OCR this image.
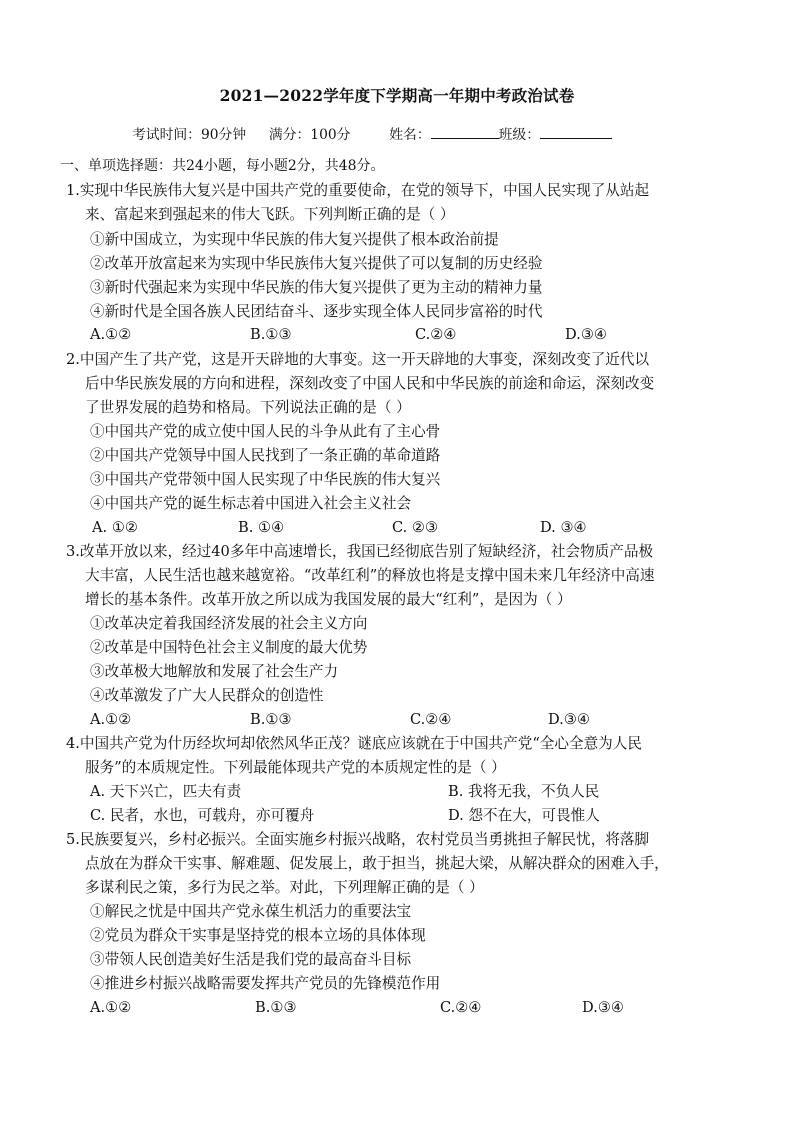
2021—2022学年度下学期高一年期中考政治试卷
考试时间：90分钟 满分：100分	姓名：	班级：
一、单项选择题：共24小题，每小题2分，共48分。
1.实现中华民族伟大复兴是中国共产党的重要使命，在党的领导下，中国人民实现了从站起
来、富起来到强起来的伟大飞跃。下列判断正确的是（ ）
①新中国成立，为实现中华民族的伟大复兴提供了根本政治前提
②改革开放富起来为实现中华民族伟大复兴提供了可以复制的历史经验
③新时代强起来为实现中华民族的伟大复兴提供了更为主动的精神力量
④新时代是全国各族人民团结奋斗、逐步实现全体人民同步富裕的时代
A.①②	B.①③	C.②④	D.③④
2.中国产生了共产党，这是开天辟地的大事变。这一开天辟地的大事变，深刻改变了近代以
后中华民族发展的方向和进程，深刻改变了中国人民和中华民族的前途和命运，深刻改变
了世界发展的趋势和格局。下列说法正确的是（ ）
①中国共产党的成立使中国人民的斗争从此有了主心骨
②中国共产党领导中国人民找到了一条正确的革命道路
③中国共产党带领中国人民实现了中华民族的伟大复兴
④中国共产党的诞生标志着中国进入社会主义社会
A. ①②	B. ①④	C. ②③	D. ③④
3.改革开放以来，经过40多年中高速增长，我国已经彻底告别了短缺经济，社会物质产品极
大丰富，人民生活也越来越宽裕。“改革红利”的释放也将是支撑中国未来几年经济中高速
增长的基本条件。改革开放之所以成为我国发展的最大“红利”，是因为（ ）
①改革决定着我国经济发展的社会主义方向
②改革是中国特色社会主义制度的最大优势
③改革极大地解放和发展了社会生产力
④改革激发了广大人民群众的创造性
A.①②	B.①③	C.②④	D.③④
4.中国共产党为什历经坎坷却依然风华正茂？谜底应该就在于中国共产党“全心全意为人民
服务”的本质规定性。下列最能体现共产党的本质规定性的是（ ）
A. 天下兴亡，匹夫有责	B. 我将无我，不负人民
C. 民者，水也，可载舟，亦可覆舟	D. 怨不在大，可畏惟人
5.民族要复兴，乡村必振兴。全面实施乡村振兴战略，农村党员当勇挑担子解民忧，将落脚
点放在为群众干实事、解难题、促发展上，敢于担当，挑起大梁，从解决群众的困难入手，
多谋利民之策，多行为民之举。对此，下列理解正确的是（ ）
①解民之忧是中国共产党永葆生机活力的重要法宝
②党员为群众干实事是坚持党的根本立场的具体体现
③带领人民创造美好生活是我们党的最高奋斗目标
④推进乡村振兴战略需要发挥共产党员的先锋模范作用
A.①②	B.①③	C.②④	D.③④
